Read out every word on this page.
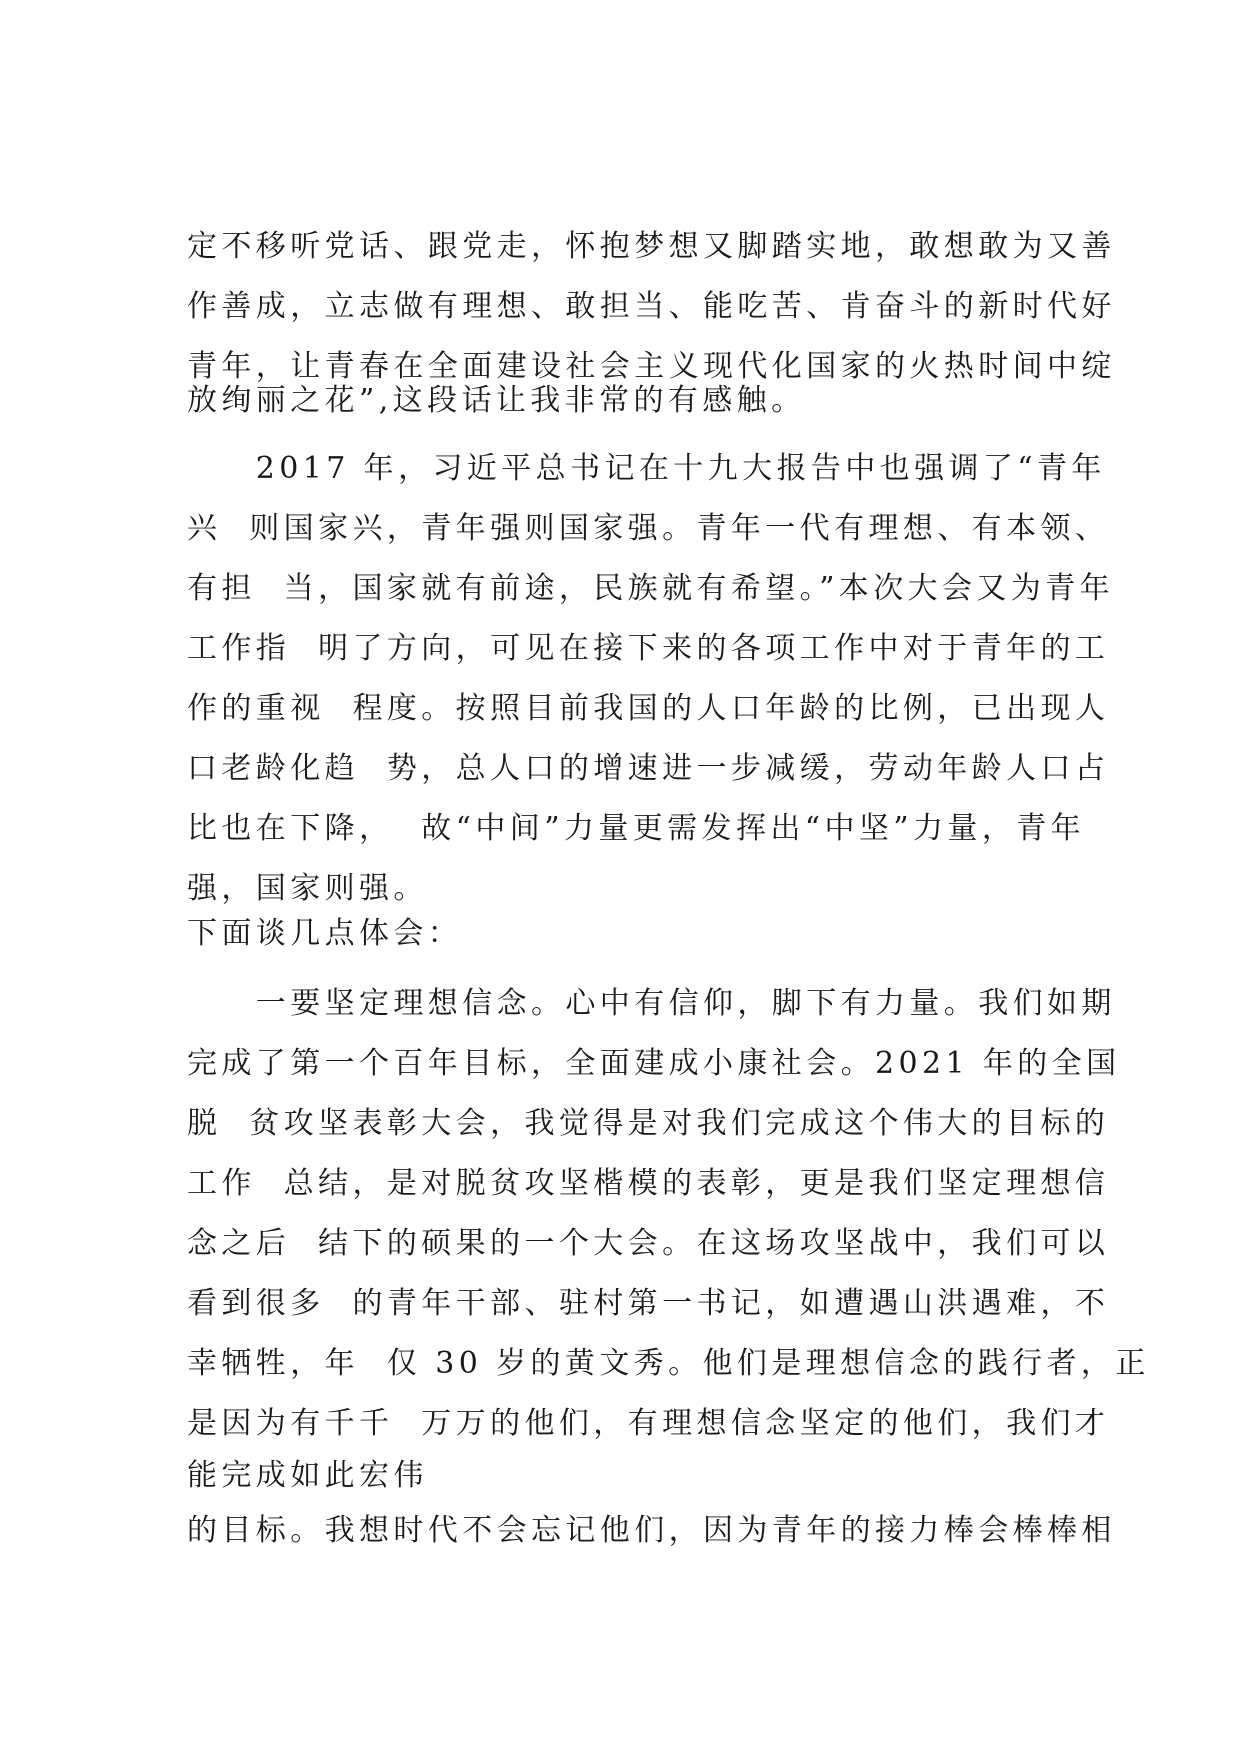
定不移听党话、跟党走，怀抱梦想又脚踏实地，敢想敢为又善
作善成，立志做有理想、敢担当、能吃苦、肯奋斗的新时代好
青年，让青春在全面建设社会主义现代化国家的火热时间中绽
放绚丽之花”,这段话让我非常的有感触。
　　2017 年，习近平总书记在十九大报告中也强调了“青年
兴  则国家兴，青年强则国家强。青年一代有理想、有本领、
有担  当，国家就有前途，民族就有希望。”本次大会又为青年
工作指  明了方向，可见在接下来的各项工作中对于青年的工
作的重视  程度。按照目前我国的人口年龄的比例，已出现人
口老龄化趋  势，总人口的增速进一步减缓，劳动年龄人口占
比也在下降，  故“中间”力量更需发挥出“中坚”力量，青年
强，国家则强。
下面谈几点体会：
　　一要坚定理想信念。心中有信仰，脚下有力量。我们如期
完成了第一个百年目标，全面建成小康社会。2021 年的全国
脱  贫攻坚表彰大会，我觉得是对我们完成这个伟大的目标的
工作  总结，是对脱贫攻坚楷模的表彰，更是我们坚定理想信
念之后  结下的硕果的一个大会。在这场攻坚战中，我们可以
看到很多  的青年干部、驻村第一书记，如遭遇山洪遇难，不
幸牺牲，年  仅 30 岁的黄文秀。他们是理想信念的践行者，正
是因为有千千  万万的他们，有理想信念坚定的他们，我们才
能完成如此宏伟
的目标。我想时代不会忘记他们，因为青年的接力棒会棒棒相
